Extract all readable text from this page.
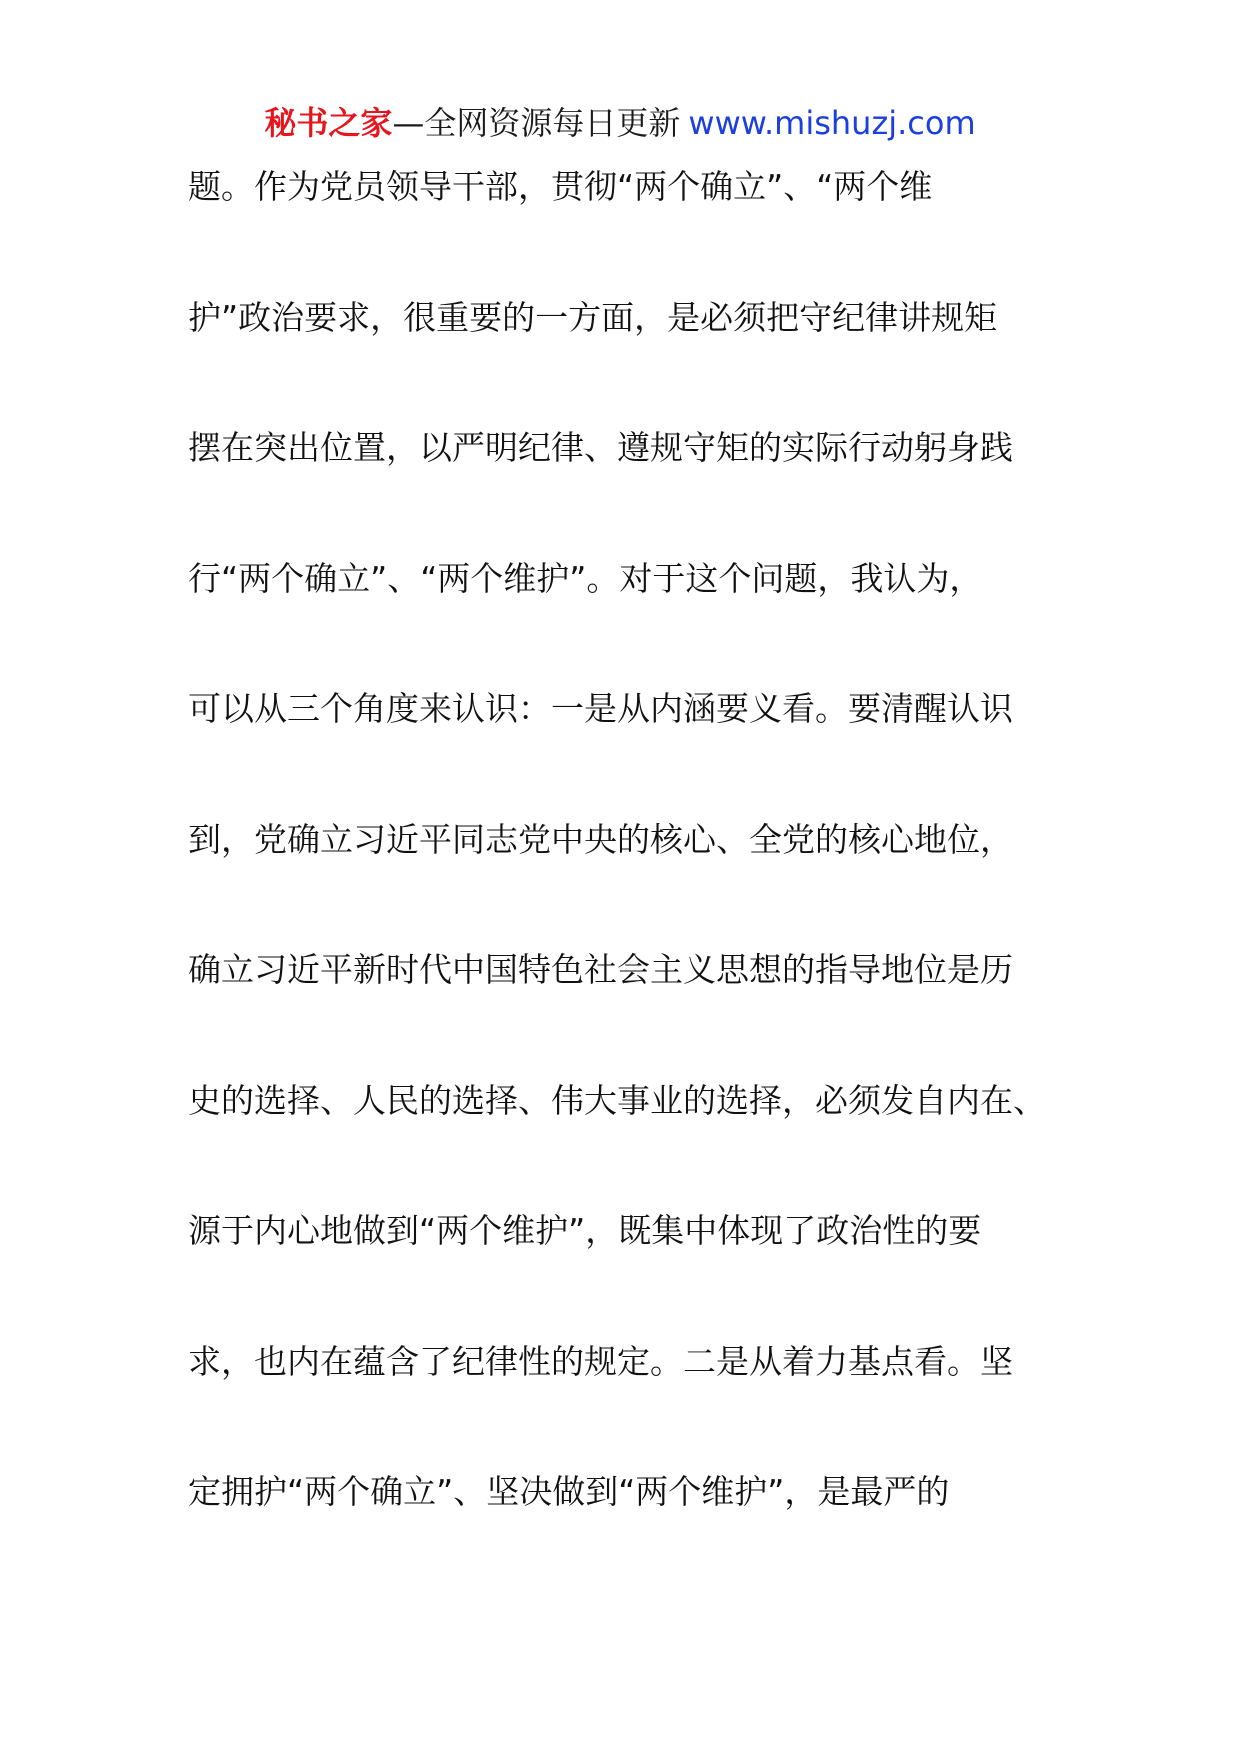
秘书之家—全网资源每日更新 www.mishuzj.com
题。作为党员领导干部，贯彻“两个确立”、“两个维
护”政治要求，很重要的一方面，是必须把守纪律讲规矩
摆在突出位置，以严明纪律、遵规守矩的实际行动躬身践
行“两个确立”、“两个维护”。对于这个问题，我认为，
可以从三个角度来认识：一是从内涵要义看。要清醒认识
到，党确立习近平同志党中央的核心、全党的核心地位，
确立习近平新时代中国特色社会主义思想的指导地位是历
史的选择、人民的选择、伟大事业的选择，必须发自内在、
源于内心地做到“两个维护”，既集中体现了政治性的要
求，也内在蕴含了纪律性的规定。二是从着力基点看。坚
定拥护“两个确立”、坚决做到“两个维护”，是最严的
